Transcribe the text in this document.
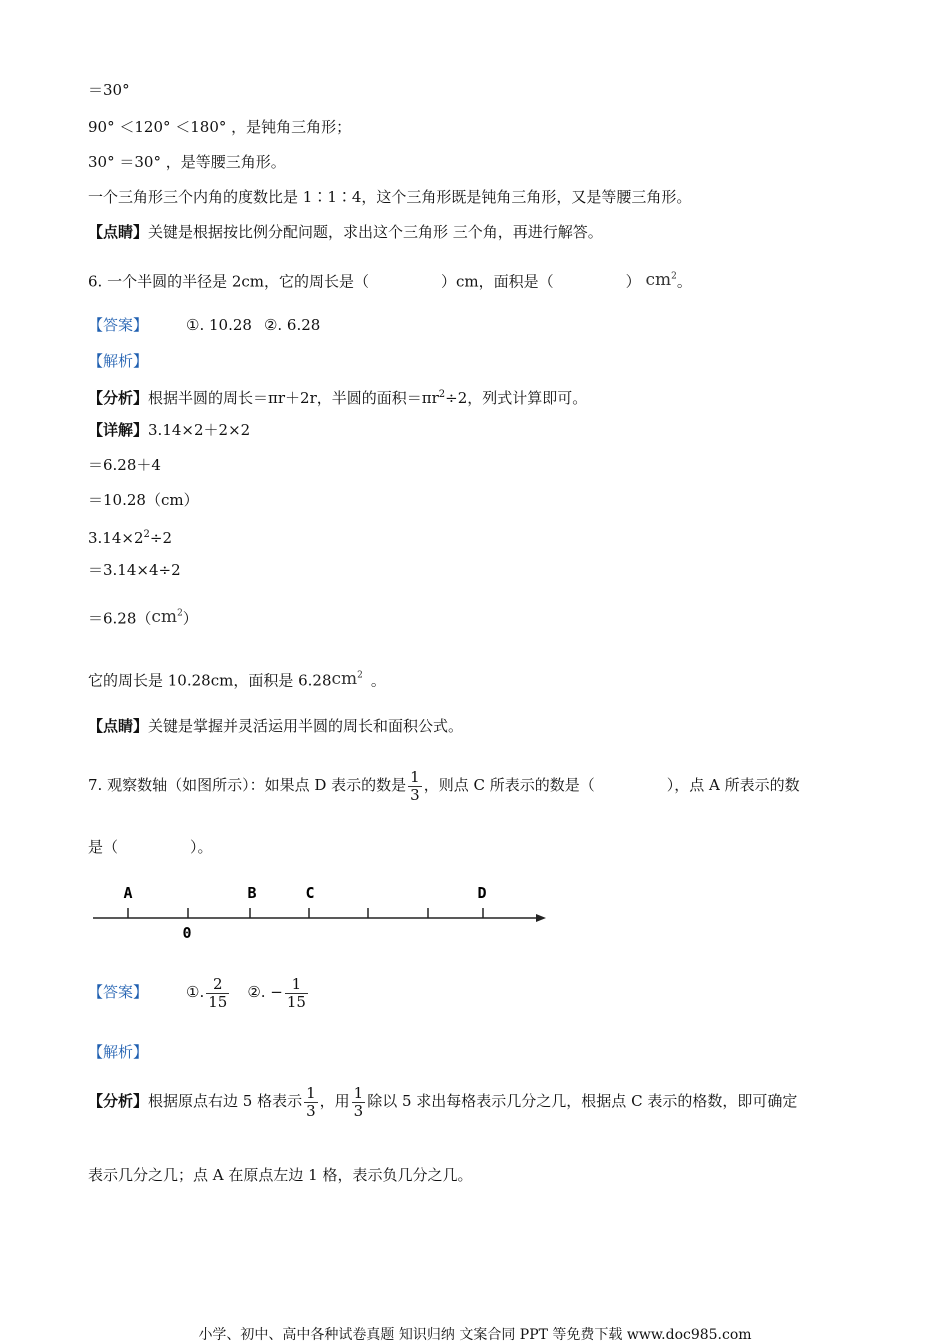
＝30°
90° ＜120° ＜180° ，是钝角三角形；
30° ＝30° ，是等腰三角形。
一个三角形三个内角的度数比是 1∶1∶4，这个三角形既是钝角三角形，又是等腰三角形。
【点睛】关键是根据按比例分配问题，求出这个三角形 三个角，再进行解答。
6. 一个半圆的半径是 2cm，它的周长是（	）cm，面积是（	） $cm^2$。
【答案】	①. 10.28 ②. 6.28
【解析】
【分析】根据半圆的周长＝πr＋2r，半圆的面积$=\pi r^2\div 2$，列式计算即可。
【详解】3.14×2＋2×2
＝6.28＋4
＝10.28（cm）
$3.14\times 2^2\div 2$
＝3.14×4÷2
$=6.28(cm^2)$
它的周长是 10.28cm，面积是 $6.28cm^2$ 。
【点睛】关键是掌握并灵活运用半圆的周长和面积公式。
7. 观察数轴（如图所示）：如果点 D 表示的数是 $\frac{1}{3}$ ，则点 C 所表示的数是（	），点 A 所表示的数
是（	）。
A	B	C	D
0
【答案】	①. $\frac{2}{15}$ ②. − $\frac{1}{15}$
【解析】
【分析】根据原点右边 5 格表示 $\frac{1}{3}$ ，用 $\frac{1}{3}$ 除以 5 求出每格表示几分之几，根据点 C 表示的格数，即可确定
表示几分之几；点 A 在原点左边 1 格，表示负几分之几。
小学、初中、高中各种试卷真题 知识归纳 文案合同 PPT 等免费下载 www.doc985.com
